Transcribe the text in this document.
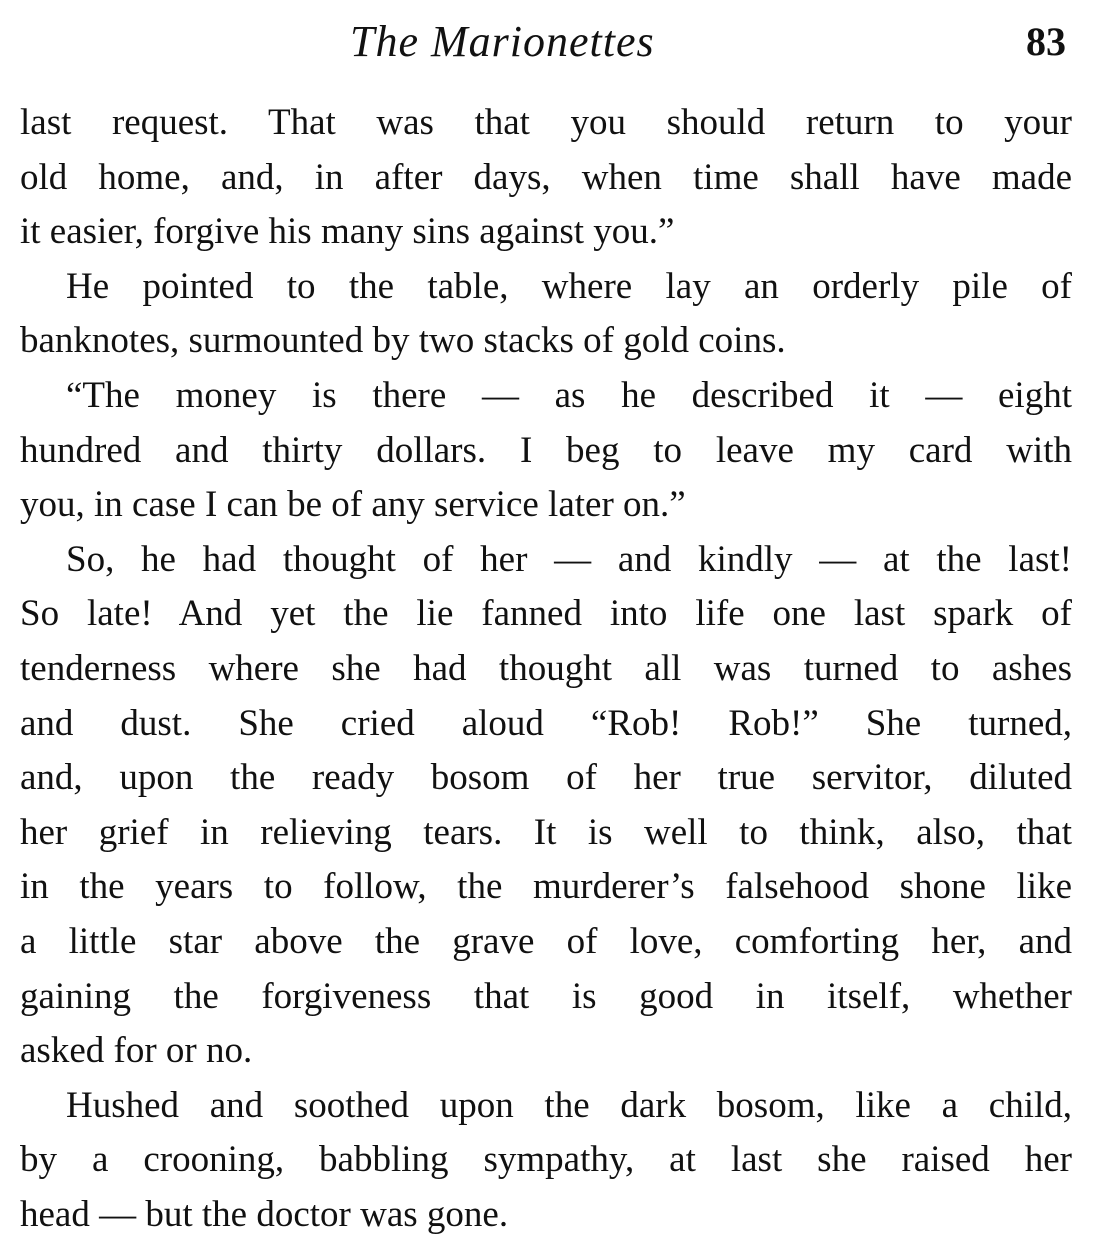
The Marionettes	83

last request. That was that you should return to your
old home, and, in after days, when time shall have made
it easier, forgive his many sins against you.”

He pointed to the table, where lay an orderly pile of
banknotes, surmounted by two stacks of gold coins.

“The money is there — as he described it — eight
hundred and thirty dollars. I beg to leave my card with
you, in case I can be of any service later on.”

So, he had thought of her — and kindly — at the last!
So late! And yet the lie fanned into life one last spark of
tenderness where she had thought all was turned to ashes
and dust. She cried aloud “Rob! Rob!” She turned,
and, upon the ready bosom of her true servitor, diluted
her grief in relieving tears. It is well to think, also, that
in the years to follow, the murderer’s falsehood shone like
a little star above the grave of love, comforting her, and
gaining the forgiveness that is good in itself, whether
asked for or no.

Hushed and soothed upon the dark bosom, like a child,
by a crooning, babbling sympathy, at last she raised her
head — but the doctor was gone.
